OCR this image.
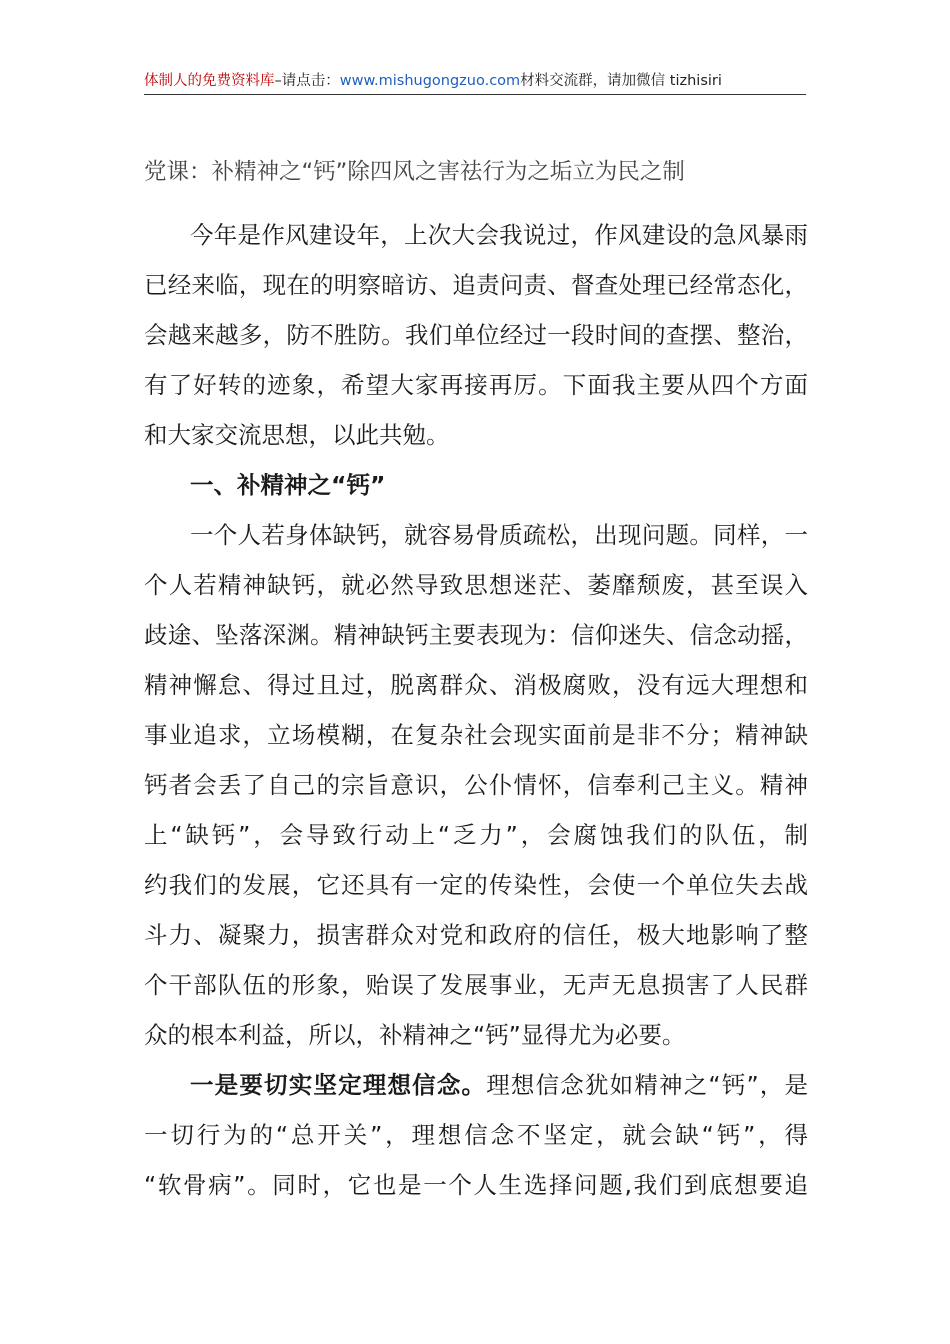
体制人的免费资料库–请点击：www.mishugongzuo.com材料交流群，请加微信 tizhisiri
党课：补精神之“钙”除四风之害祛行为之垢立为民之制
今年是作风建设年，上次大会我说过，作风建设的急风暴雨
已经来临，现在的明察暗访、追责问责、督查处理已经常态化，
会越来越多，防不胜防。我们单位经过一段时间的查摆、整治，
有了好转的迹象，希望大家再接再厉。下面我主要从四个方面
和大家交流思想，以此共勉。
一、补精神之“钙”
一个人若身体缺钙，就容易骨质疏松，出现问题。同样，一
个人若精神缺钙，就必然导致思想迷茫、萎靡颓废，甚至误入
歧途、坠落深渊。精神缺钙主要表现为：信仰迷失、信念动摇，
精神懈怠、得过且过，脱离群众、消极腐败，没有远大理想和
事业追求，立场模糊，在复杂社会现实面前是非不分；精神缺
钙者会丢了自己的宗旨意识，公仆情怀，信奉利己主义。精神
上“缺钙”，会导致行动上“乏力”，会腐蚀我们的队伍，制
约我们的发展，它还具有一定的传染性，会使一个单位失去战
斗力、凝聚力，损害群众对党和政府的信任，极大地影响了整
个干部队伍的形象，贻误了发展事业，无声无息损害了人民群
众的根本利益，所以，补精神之“钙”显得尤为必要。
一是要切实坚定理想信念。理想信念犹如精神之“钙”，是
一切行为的“总开关”，理想信念不坚定，就会缺“钙”，得
“软骨病”。同时，它也是一个人生选择问题,我们到底想要追
